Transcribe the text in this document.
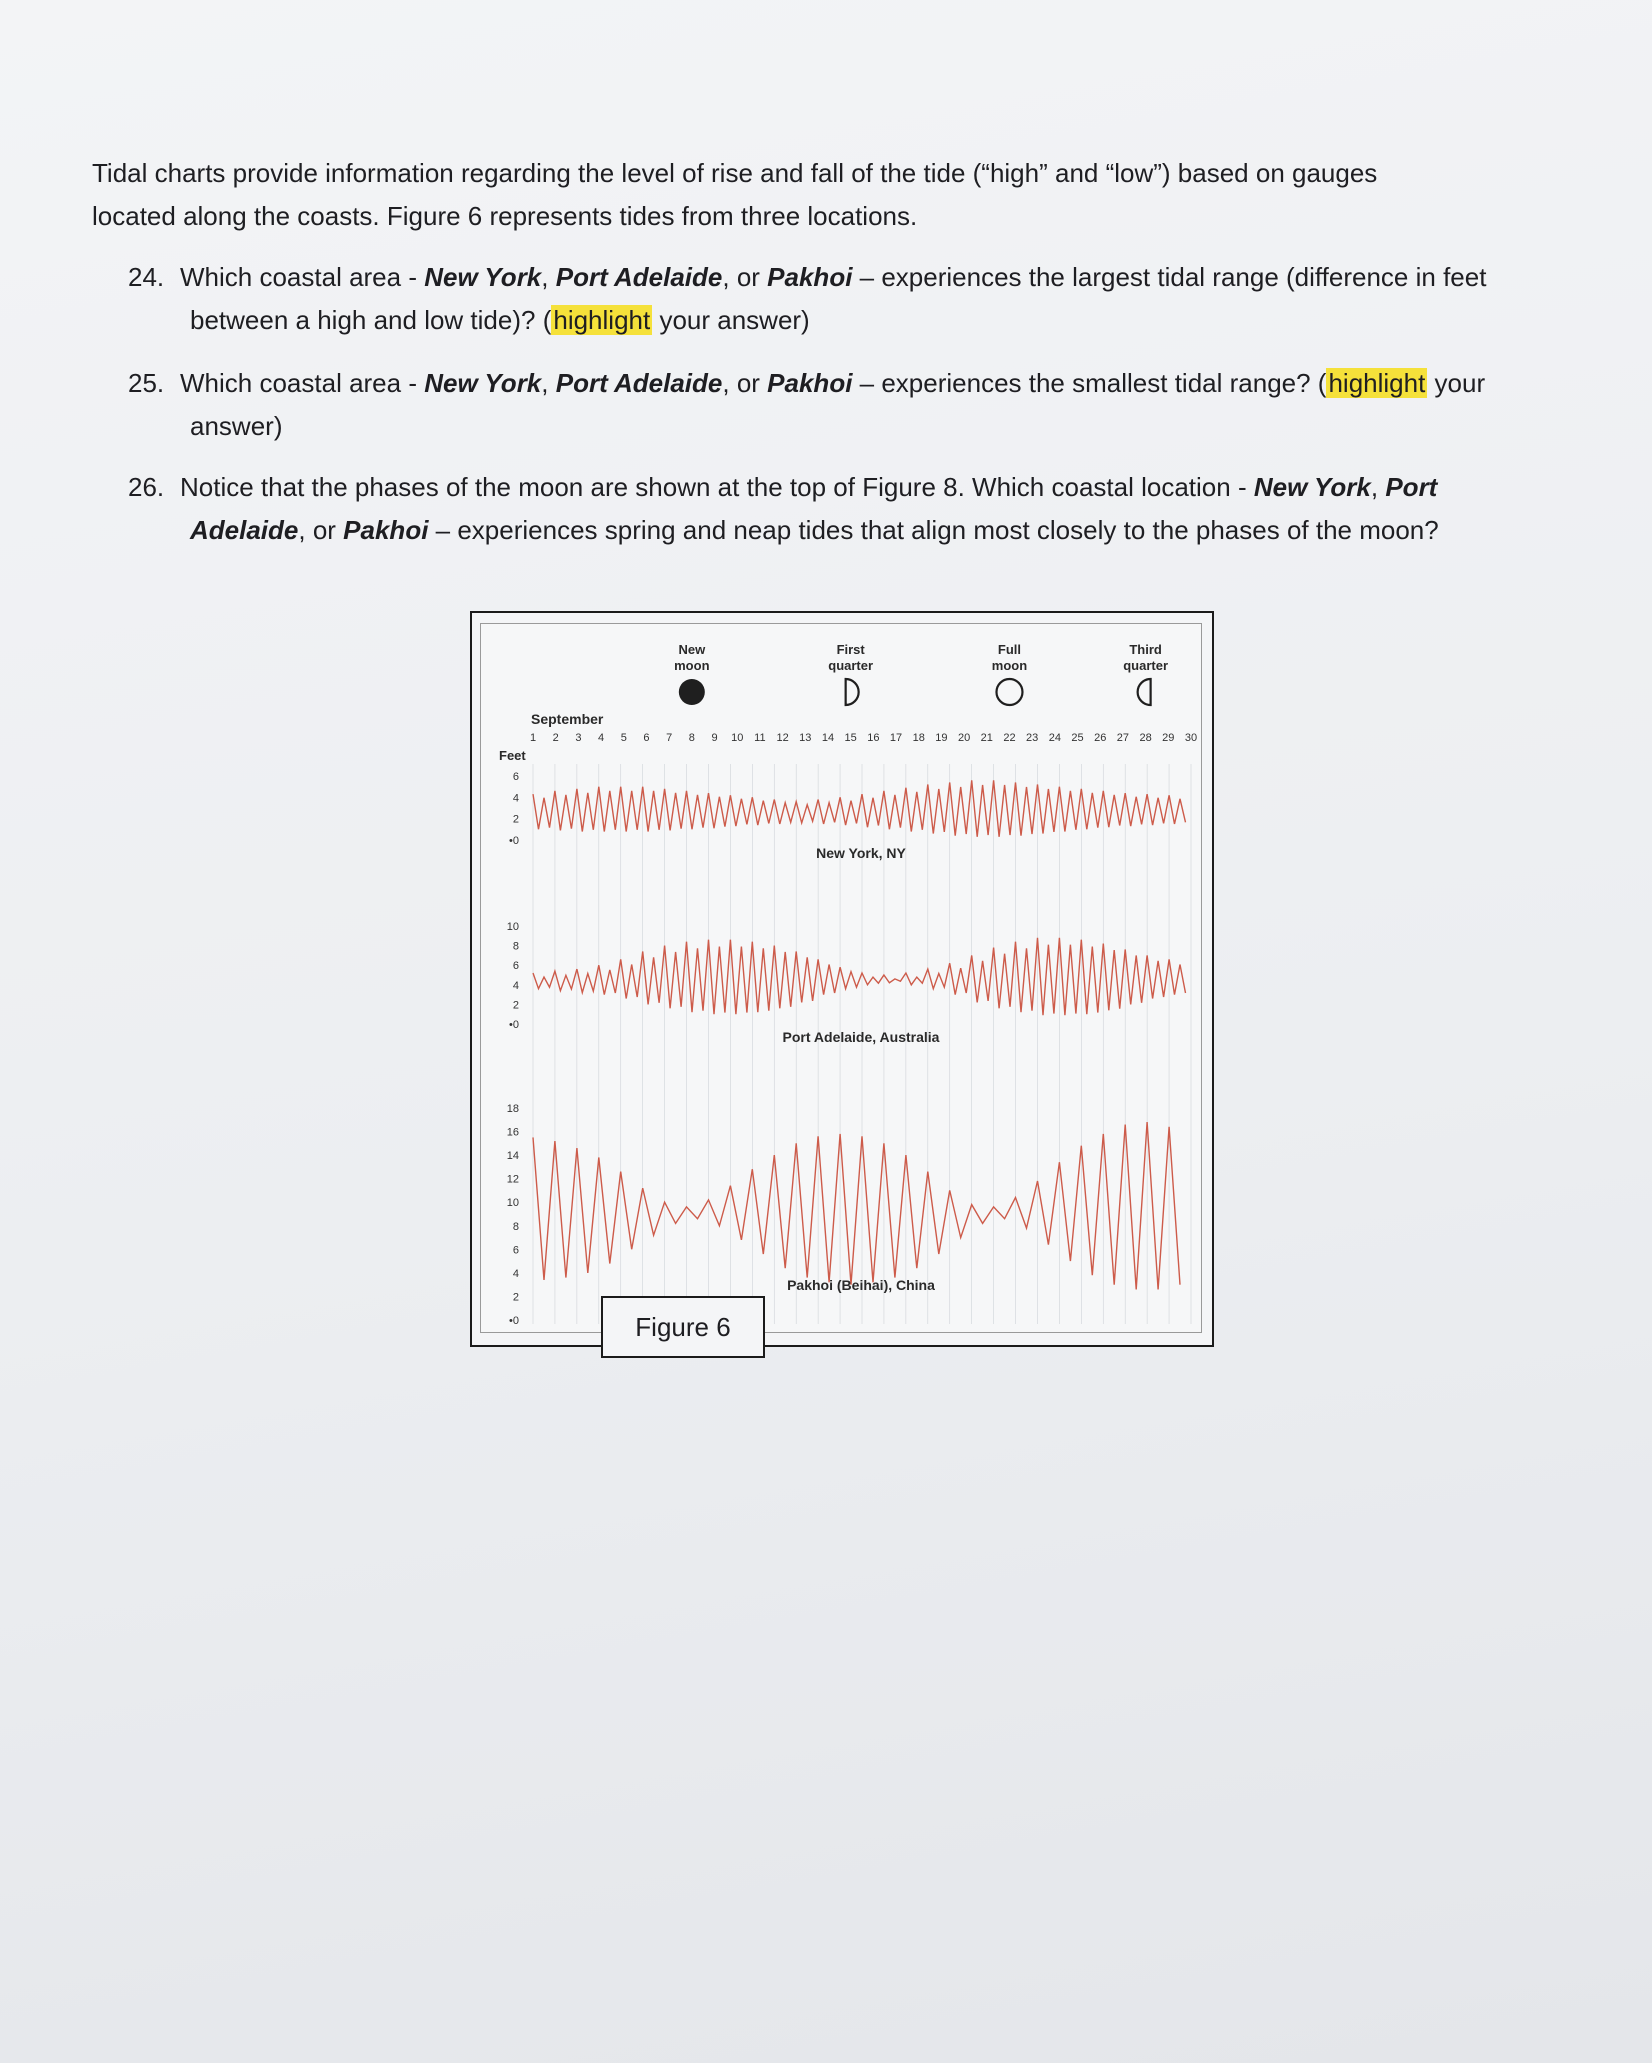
Tidal charts provide information regarding the level of rise and fall of the tide (“high” and “low”) based on gauges
located along the coasts. Figure 6 represents tides from three locations.
24. Which coastal area - New York, Port Adelaide, or Pakhoi – experiences the largest tidal range (difference in feet
between a high and low tide)? (highlight your answer)
25. Which coastal area - New York, Port Adelaide, or Pakhoi – experiences the smallest tidal range? (highlight your
answer)
26. Notice that the phases of the moon are shown at the top of Figure 8. Which coastal location - New York, Port
Adelaide, or Pakhoi – experiences spring and neap tides that align most closely to the phases of the moon?
New
moon
First
quarter
Full
moon
Third
quarter
September
1 2 3 4 5 6 7 8 9 10 11 12 13 14 15 16 17 18 19 20 21 22 23 24 25 26 27 28 29 30
Feet
6
4
2
•0
New York, NY
10
8
6
4
2
•0
Port Adelaide, Australia
18
16
14
12
10
8
6
4
2
•0
Pakhoi (Beihai), China
Figure 6
